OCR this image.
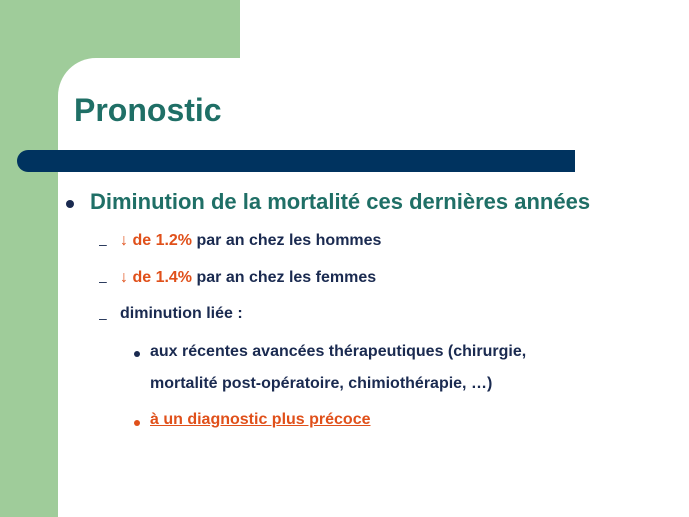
Pronostic
Diminution de la mortalité ces dernières années
– ↓ de 1.2% par an chez les hommes
– ↓ de 1.4% par an chez les femmes
– diminution liée :
aux récentes avancées thérapeutiques (chirurgie,
mortalité post-opératoire, chimiothérapie, …)
à un diagnostic plus précoce
